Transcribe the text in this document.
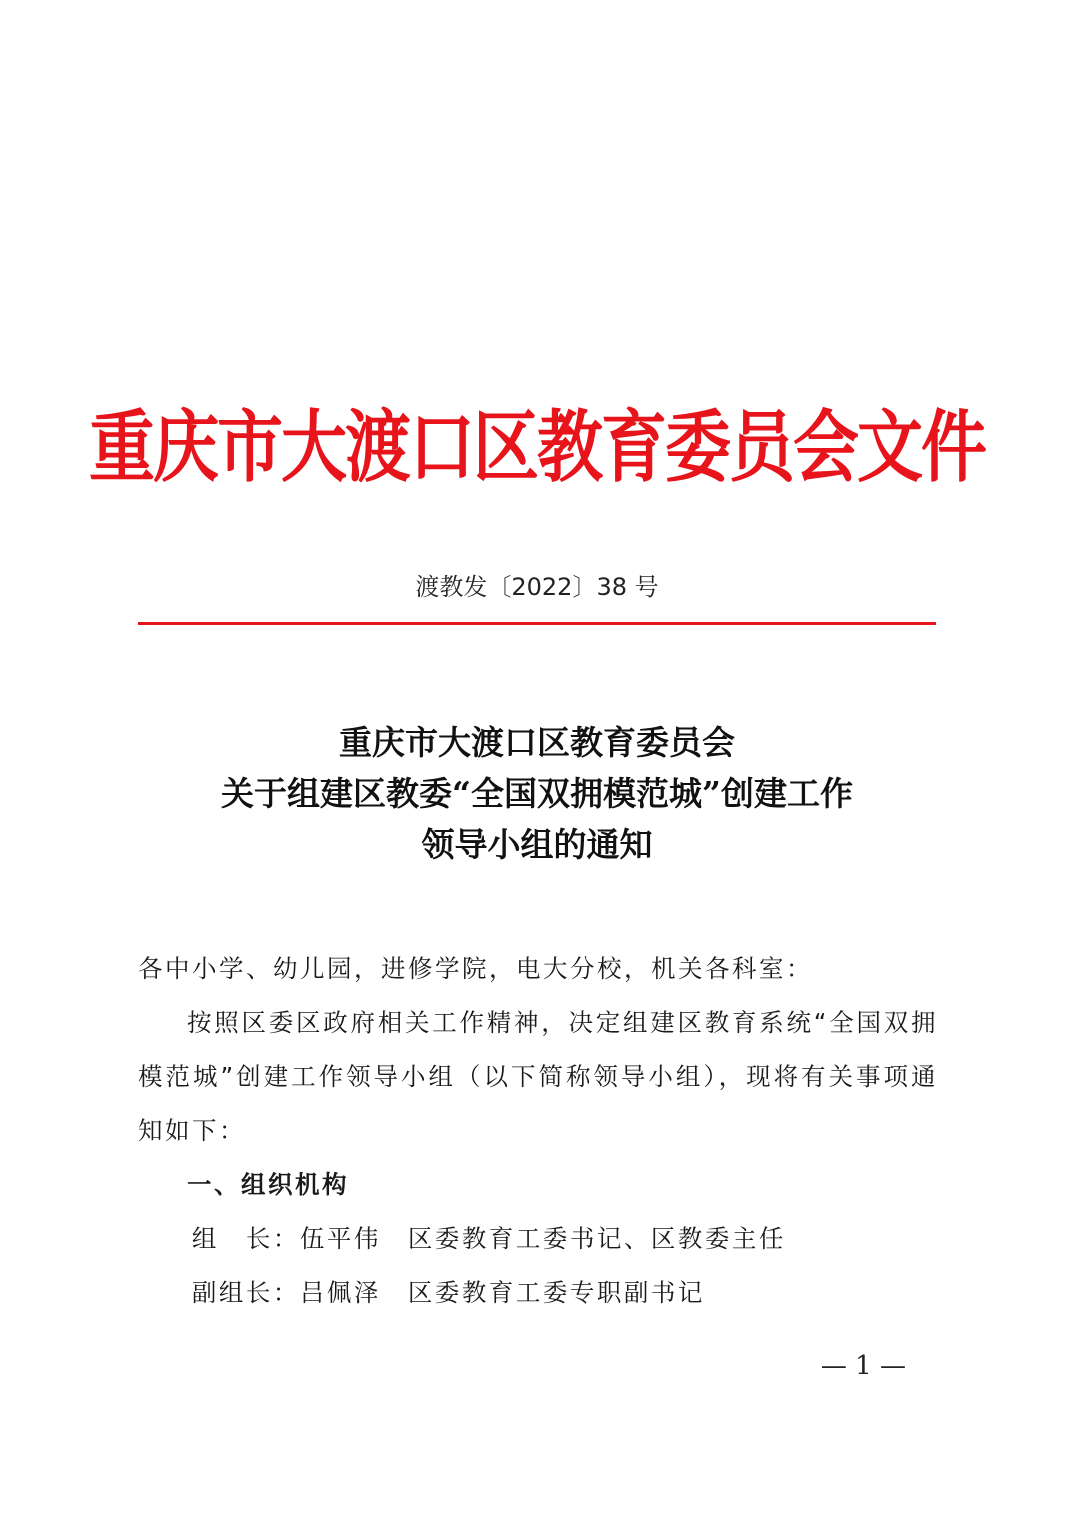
重庆市大渡口区教育委员会文件
渡教发〔2022〕38 号
重庆市大渡口区教育委员会
关于组建区教委“全国双拥模范城”创建工作
领导小组的通知

各中小学、幼儿园，进修学院，电大分校，机关各科室：

按照区委区政府相关工作精神，决定组建区教育系统“全国双拥模范城”创建工作领导小组（以下简称领导小组），现将有关事项通知如下：

一、组织机构

组　长：伍平伟  区委教育工委书记、区教委主任

副组长：吕佩泽  区委教育工委专职副书记

— 1 —
